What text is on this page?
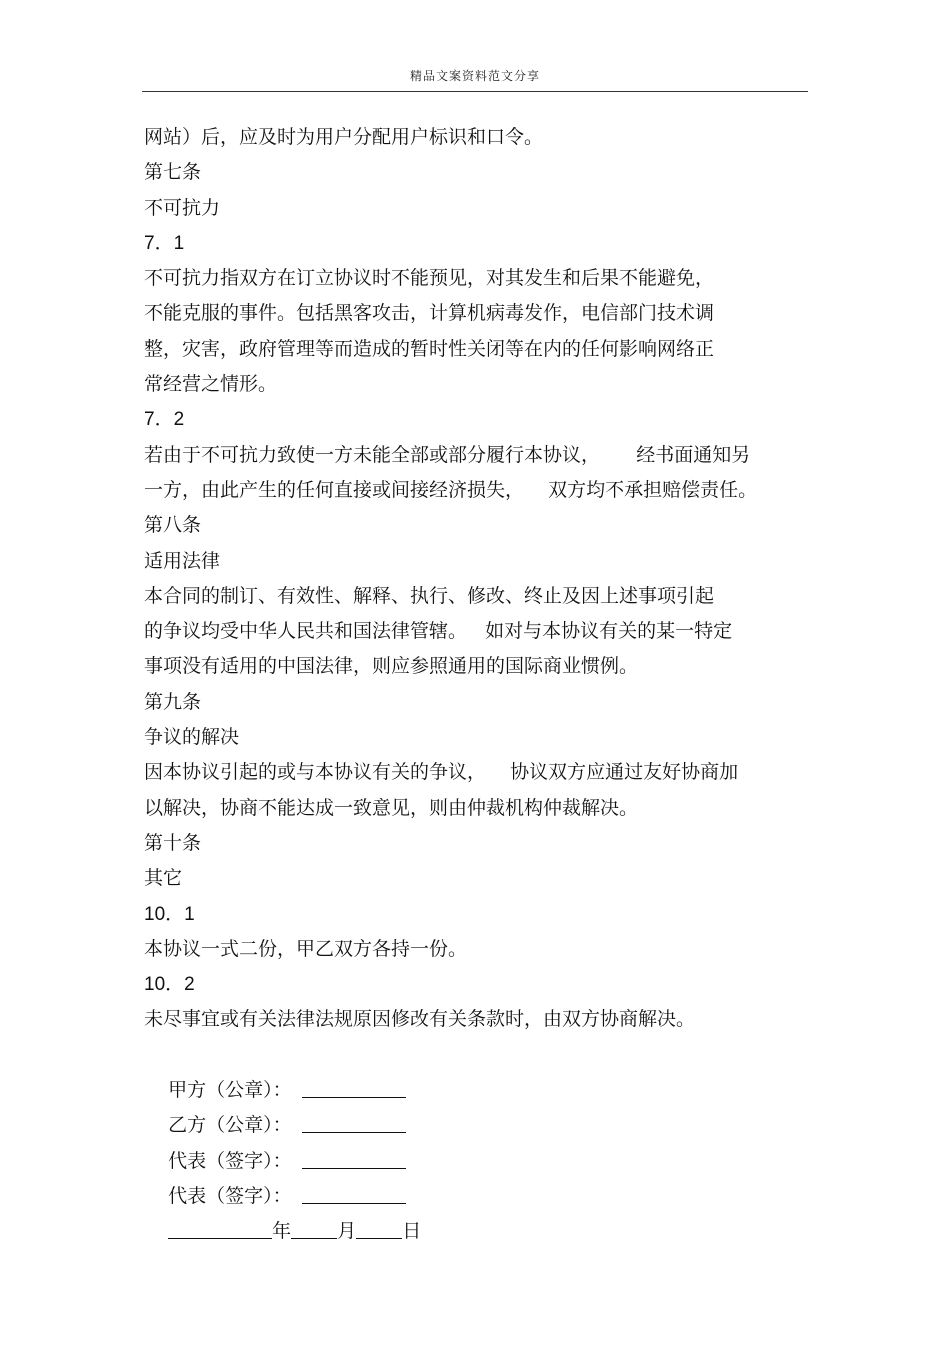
精品文案资料范文分享
网站）后，应及时为用户分配用户标识和口令。
第七条
不可抗力
7．1
不可抗力指双方在订立协议时不能预见，对其发生和后果不能避免，
不能克服的事件。包括黑客攻击，计算机病毒发作，电信部门技术调
整，灾害，政府管理等而造成的暂时性关闭等在内的任何影响网络正
常经营之情形。
7．2
若由于不可抗力致使一方未能全部或部分履行本协议，      经书面通知另
一方，由此产生的任何直接或间接经济损失，    双方均不承担赔偿责任。
第八条
适用法律
本合同的制订、有效性、解释、执行、修改、终止及因上述事项引起
的争议均受中华人民共和国法律管辖。   如对与本协议有关的某一特定
事项没有适用的中国法律，则应参照通用的国际商业惯例。
第九条
争议的解决
因本协议引起的或与本协议有关的争议，    协议双方应通过友好协商加
以解决，协商不能达成一致意见，则由仲裁机构仲裁解决。
第十条
其它
10．1
本协议一式二份，甲乙双方各持一份。
10．2
未尽事宜或有关法律法规原因修改有关条款时，由双方协商解决。

甲方（公章）：

乙方（公章）：

代表（签字）：

代表（签字）：

年 月 日
